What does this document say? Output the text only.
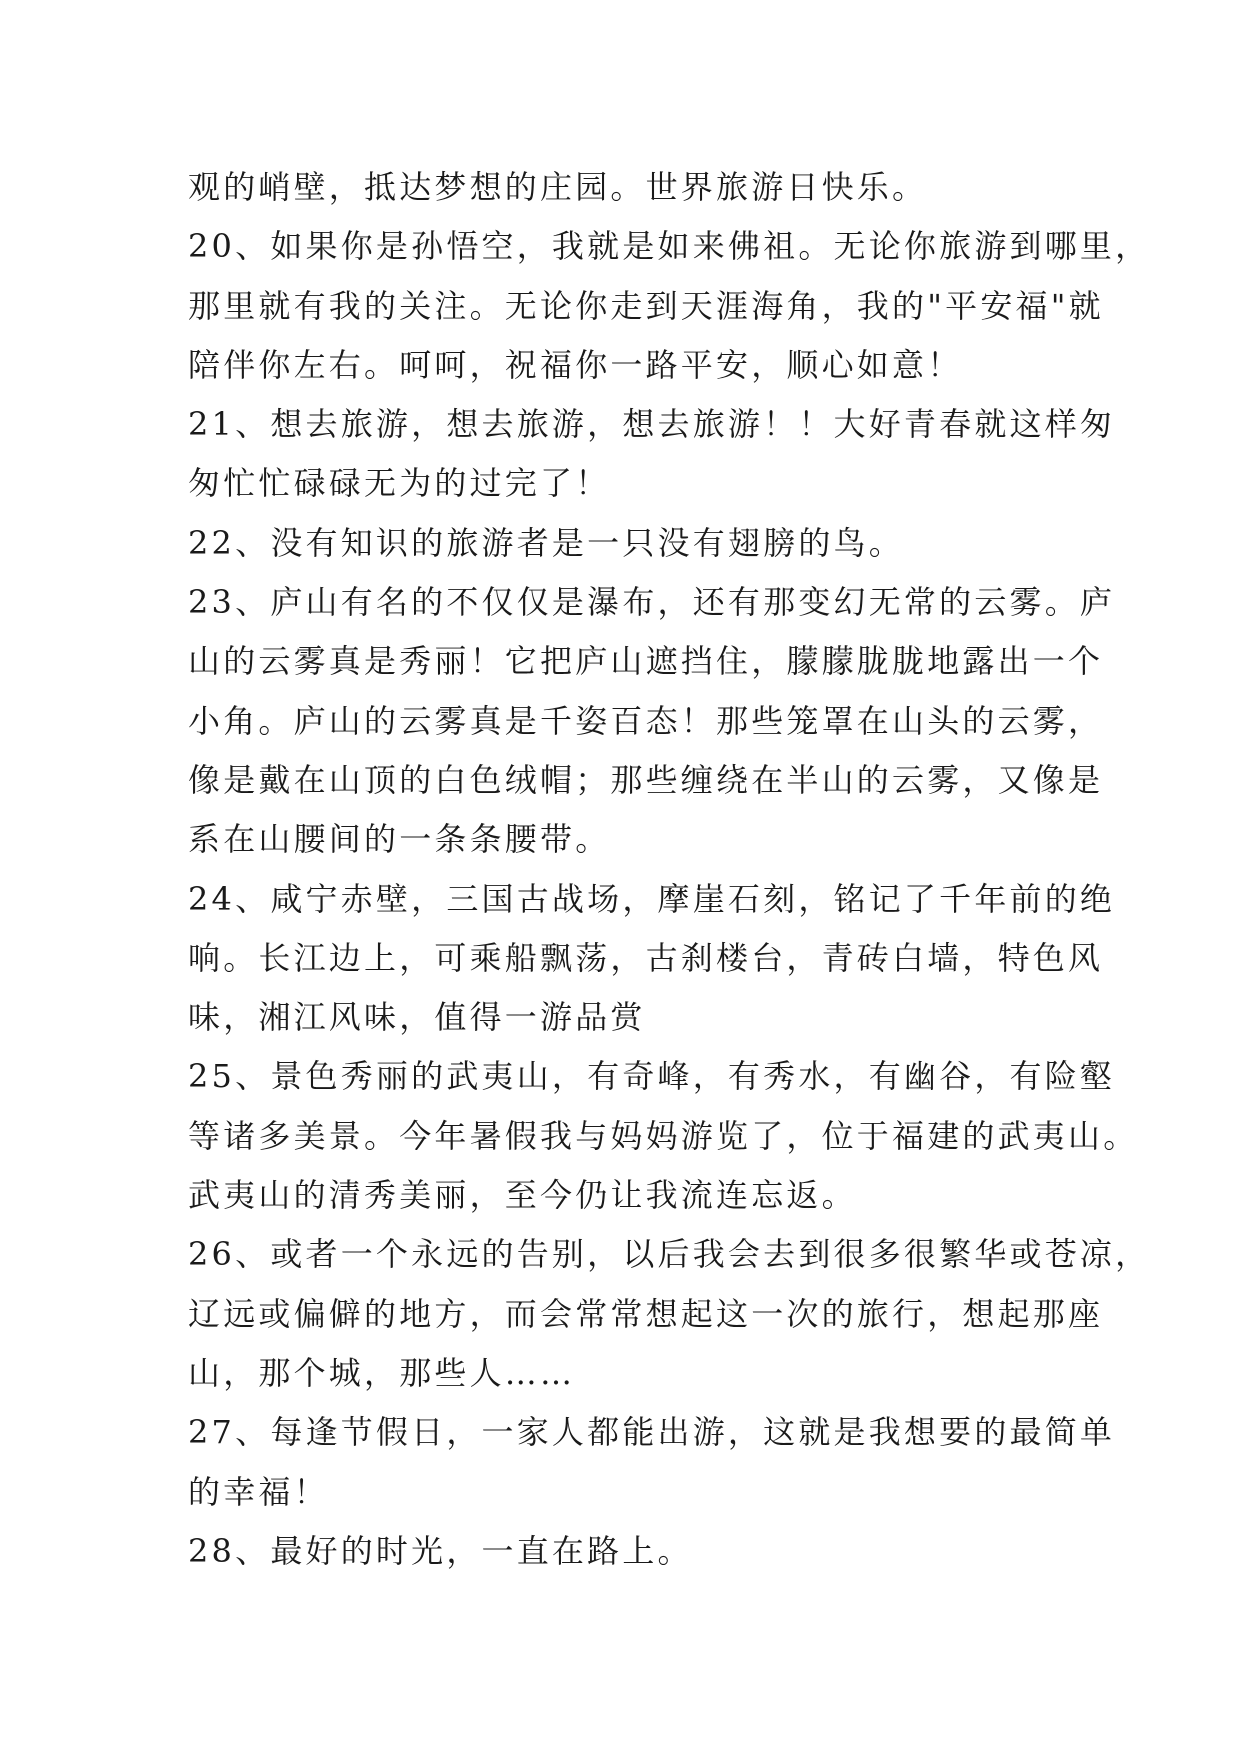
观的峭壁，抵达梦想的庄园。世界旅游日快乐。
20、如果你是孙悟空，我就是如来佛祖。无论你旅游到哪里，
那里就有我的关注。无论你走到天涯海角，我的"平安福"就
陪伴你左右。呵呵，祝福你一路平安，顺心如意！
21、想去旅游，想去旅游，想去旅游！！大好青春就这样匆
匆忙忙碌碌无为的过完了！
22、没有知识的旅游者是一只没有翅膀的鸟。
23、庐山有名的不仅仅是瀑布，还有那变幻无常的云雾。庐
山的云雾真是秀丽！它把庐山遮挡住，朦朦胧胧地露出一个
小角。庐山的云雾真是千姿百态！那些笼罩在山头的云雾，
像是戴在山顶的白色绒帽；那些缠绕在半山的云雾，又像是
系在山腰间的一条条腰带。
24、咸宁赤壁，三国古战场，摩崖石刻，铭记了千年前的绝
响。长江边上，可乘船飘荡，古刹楼台，青砖白墙，特色风
味，湘江风味，值得一游品赏
25、景色秀丽的武夷山，有奇峰，有秀水，有幽谷，有险壑
等诸多美景。今年暑假我与妈妈游览了，位于福建的武夷山。
武夷山的清秀美丽，至今仍让我流连忘返。
26、或者一个永远的告别，以后我会去到很多很繁华或苍凉，
辽远或偏僻的地方，而会常常想起这一次的旅行，想起那座
山，那个城，那些人……
27、每逢节假日，一家人都能出游，这就是我想要的最简单
的幸福！
28、最好的时光，一直在路上。
